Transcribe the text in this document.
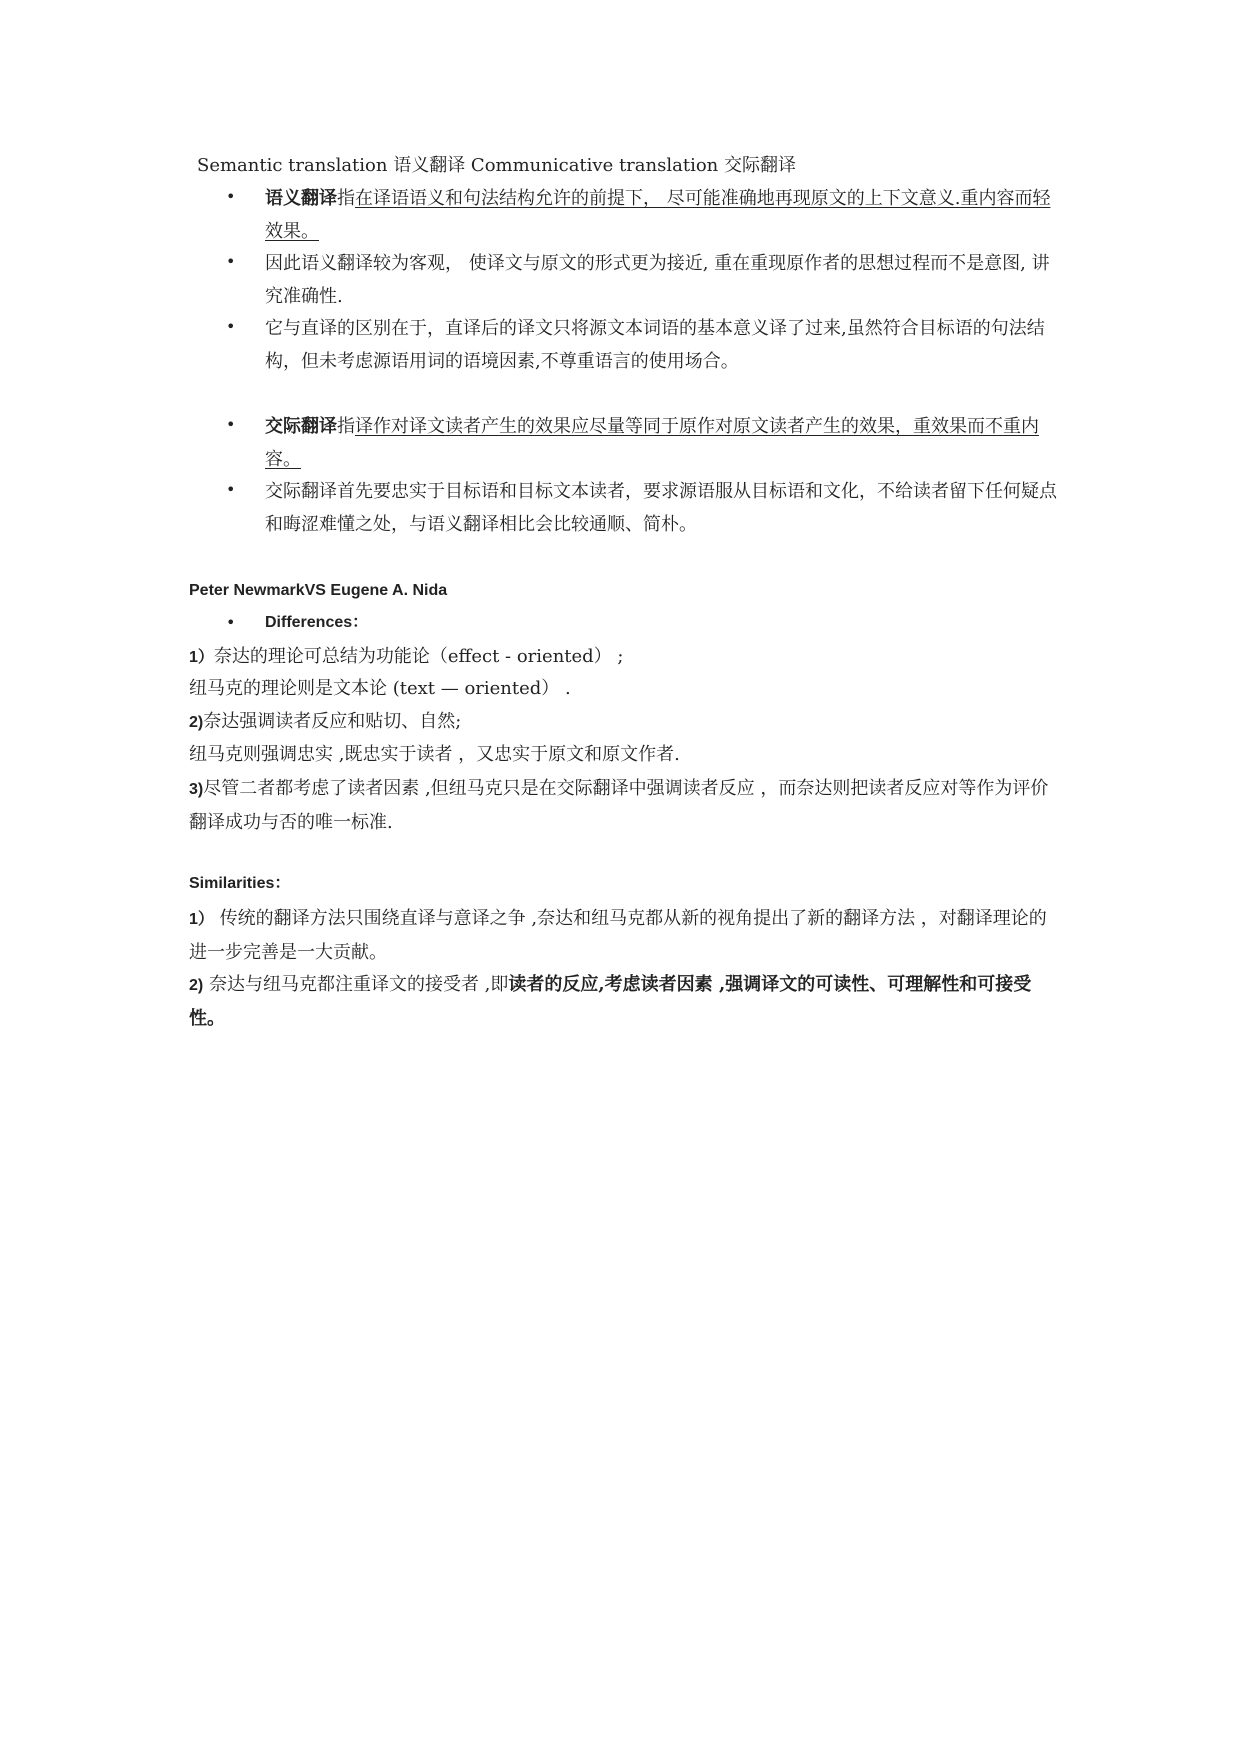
Semantic translation 语义翻译 Communicative translation 交际翻译
• 语义翻译指在译语语义和句法结构允许的前提下， 尽可能准确地再现原文的上下文意义.重内容而轻效果。
• 因此语义翻译较为客观， 使译文与原文的形式更为接近, 重在重现原作者的思想过程而不是意图, 讲究准确性.
• 它与直译的区别在于，直译后的译文只将源文本词语的基本意义译了过来,虽然符合目标语的句法结构，但未考虑源语用词的语境因素,不尊重语言的使用场合。
• 交际翻译指译作对译文读者产生的效果应尽量等同于原作对原文读者产生的效果，重效果而不重内容。
• 交际翻译首先要忠实于目标语和目标文本读者，要求源语服从目标语和文化，不给读者留下任何疑点和晦涩难懂之处，与语义翻译相比会比较通顺、简朴。
Peter NewmarkVS Eugene A. Nida
• Differences：
1）奈达的理论可总结为功能论（effect - oriented） ;
纽马克的理论则是文本论 (text — oriented） .
2)奈达强调读者反应和贴切、自然;
纽马克则强调忠实 ,既忠实于读者 ，又忠实于原文和原文作者.
3)尽管二者都考虑了读者因素 ,但纽马克只是在交际翻译中强调读者反应 ，而奈达则把读者反应对等作为评价翻译成功与否的唯一标准.
Similarities：
1） 传统的翻译方法只围绕直译与意译之争 ,奈达和纽马克都从新的视角提出了新的翻译方法 ，对翻译理论的进一步完善是一大贡献。
2) 奈达与纽马克都注重译文的接受者 ,即读者的反应,考虑读者因素 ,强调译文的可读性、可理解性和可接受性。
